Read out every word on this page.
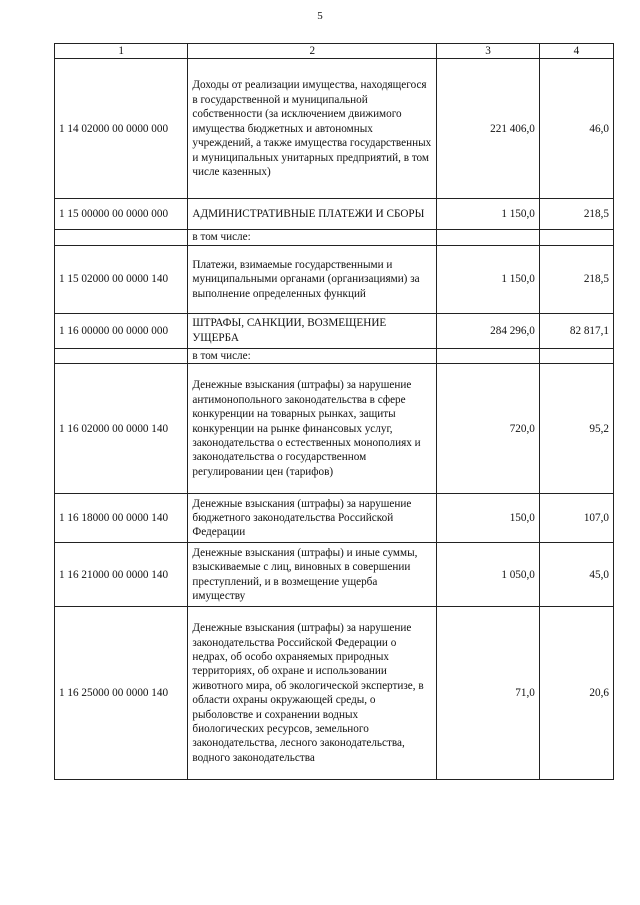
5
1	2	3	4
1 14 02000 00 0000 000	Доходы от реализации имущества, находящегося в государственной и муниципальной собственности (за исключением движимого имущества бюджетных и автономных учреждений, а также имущества государственных и муниципальных унитарных предприятий, в том числе казенных)	221 406,0	46,0
1 15 00000 00 0000 000	АДМИНИСТРАТИВНЫЕ ПЛАТЕЖИ И СБОРЫ	1 150,0	218,5
	в том числе:		
1 15 02000 00 0000 140	Платежи, взимаемые государственными и муниципальными органами (организациями) за выполнение определенных функций	1 150,0	218,5
1 16 00000 00 0000 000	ШТРАФЫ, САНКЦИИ, ВОЗМЕЩЕНИЕ УЩЕРБА	284 296,0	82 817,1
	в том числе:		
1 16 02000 00 0000 140	Денежные взыскания (штрафы) за нарушение антимонопольного законодательства в сфере конкуренции на товарных рынках, защиты конкуренции на рынке финансовых услуг, законодательства о естественных монополиях и законодательства о государственном регулировании цен (тарифов)	720,0	95,2
1 16 18000 00 0000 140	Денежные взыскания (штрафы) за нарушение бюджетного законодательства Российской Федерации	150,0	107,0
1 16 21000 00 0000 140	Денежные взыскания (штрафы) и иные суммы, взыскиваемые с лиц, виновных в совершении преступлений, и в возмещение ущерба имуществу	1 050,0	45,0
1 16 25000 00 0000 140	Денежные взыскания (штрафы) за нарушение законодательства Российской Федерации о недрах, об особо охраняемых природных территориях, об охране и использовании животного мира, об экологической экспертизе, в области охраны окружающей среды, о рыболовстве и сохранении водных биологических ресурсов, земельного законодательства, лесного законодательства, водного законодательства	71,0	20,6
